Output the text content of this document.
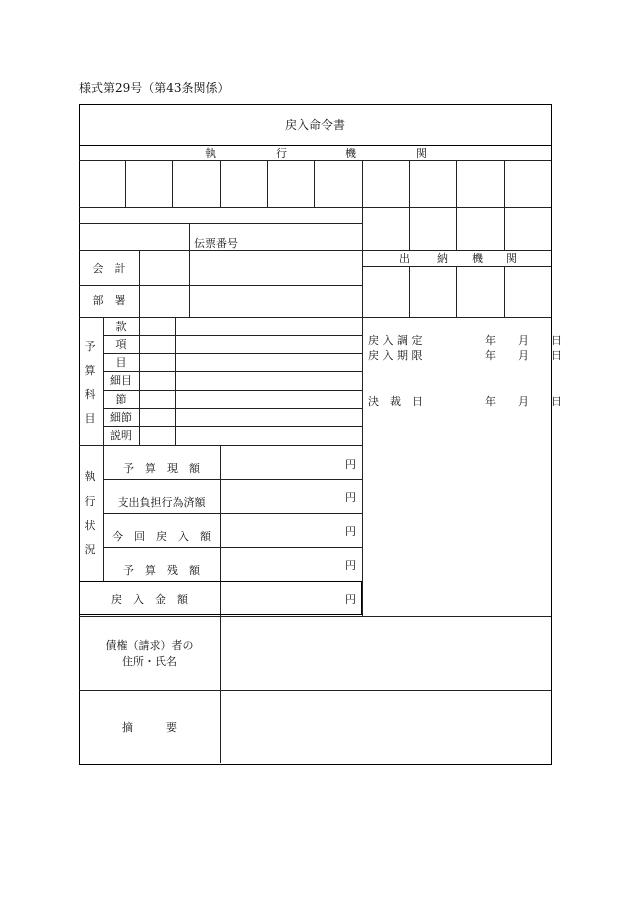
様式第29号（第43条関係）
戻入命令書
執	行	機	関
伝票番号
会　計
部　署
出 納 機 関
予
算
科
目
款
項
目
細目
節
細節
説明
戻 入 調 定	年　　月　　日
戻 入 期 限	年　　月　　日
決　裁　日	年　　月　　日
執
行
状
況
予　算　現　額	円
支出負担行為済額	円
今　回　戻　入　額	円
予　算　残　額	円
戻　入　金　額	円
債権（請求）者の
住所・氏名
摘　　　要
